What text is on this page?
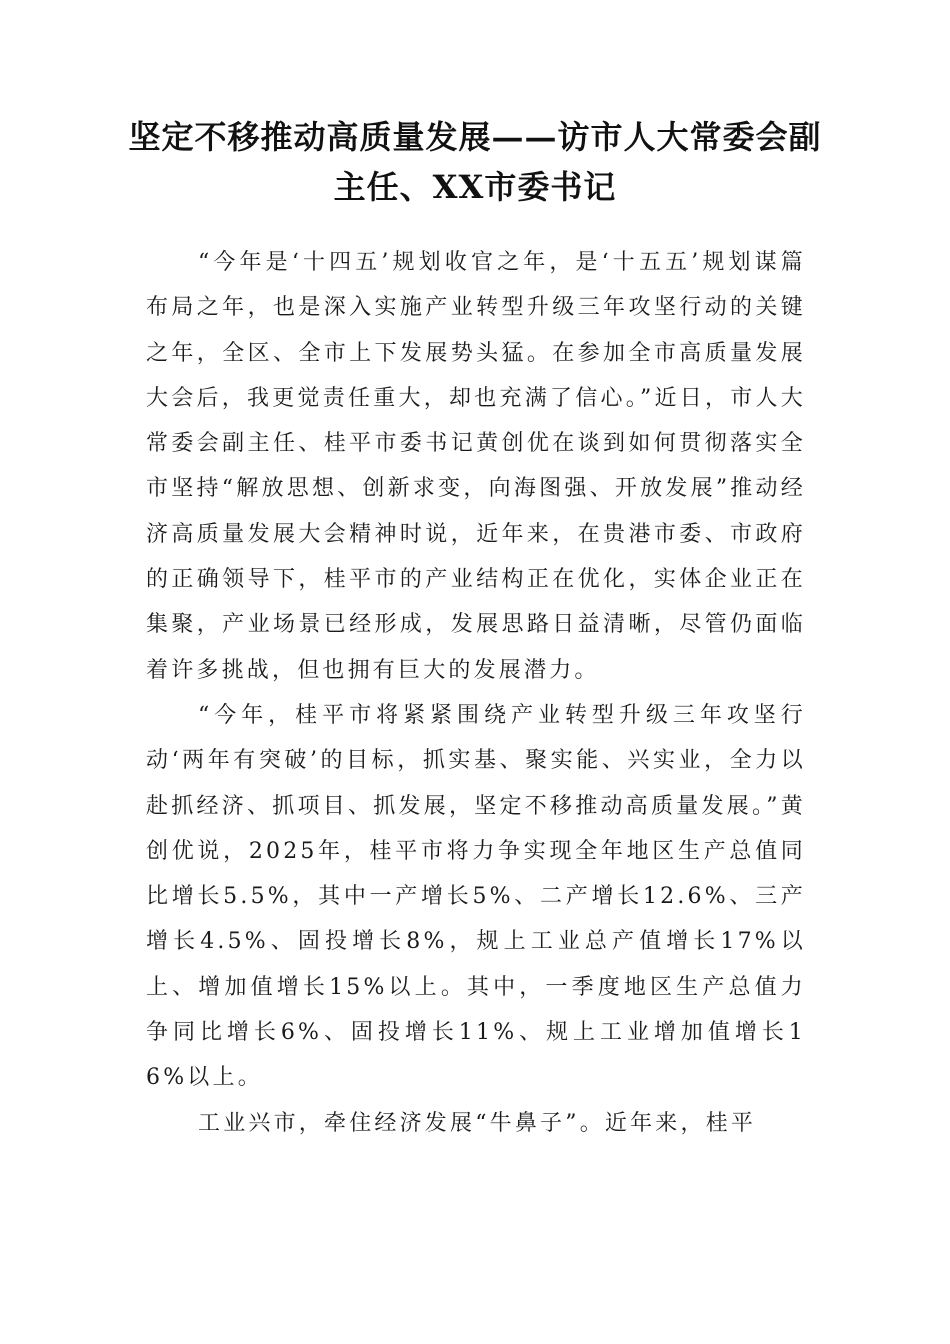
坚定不移推动高质量发展——访市人大常委会副主任、XX市委书记

“今年是‘十四五’规划收官之年，是‘十五五’规划谋篇布局之年，也是深入实施产业转型升级三年攻坚行动的关键之年，全区、全市上下发展势头猛。在参加全市高质量发展大会后，我更觉责任重大，却也充满了信心。”近日，市人大常委会副主任、桂平市委书记黄创优在谈到如何贯彻落实全市坚持“解放思想、创新求变，向海图强、开放发展”推动经济高质量发展大会精神时说，近年来，在贵港市委、市政府的正确领导下，桂平市的产业结构正在优化，实体企业正在集聚，产业场景已经形成，发展思路日益清晰，尽管仍面临着许多挑战，但也拥有巨大的发展潜力。

“今年，桂平市将紧紧围绕产业转型升级三年攻坚行动‘两年有突破’的目标，抓实基、聚实能、兴实业，全力以赴抓经济、抓项目、抓发展，坚定不移推动高质量发展。”黄创优说，2025年，桂平市将力争实现全年地区生产总值同比增长5.5%，其中一产增长5%、二产增长12.6%、三产增长4.5%、固投增长8%，规上工业总产值增长17%以上、增加值增长15%以上。其中，一季度地区生产总值力争同比增长6%、固投增长11%、规上工业增加值增长16%以上。

工业兴市，牵住经济发展“牛鼻子”。近年来，桂平
